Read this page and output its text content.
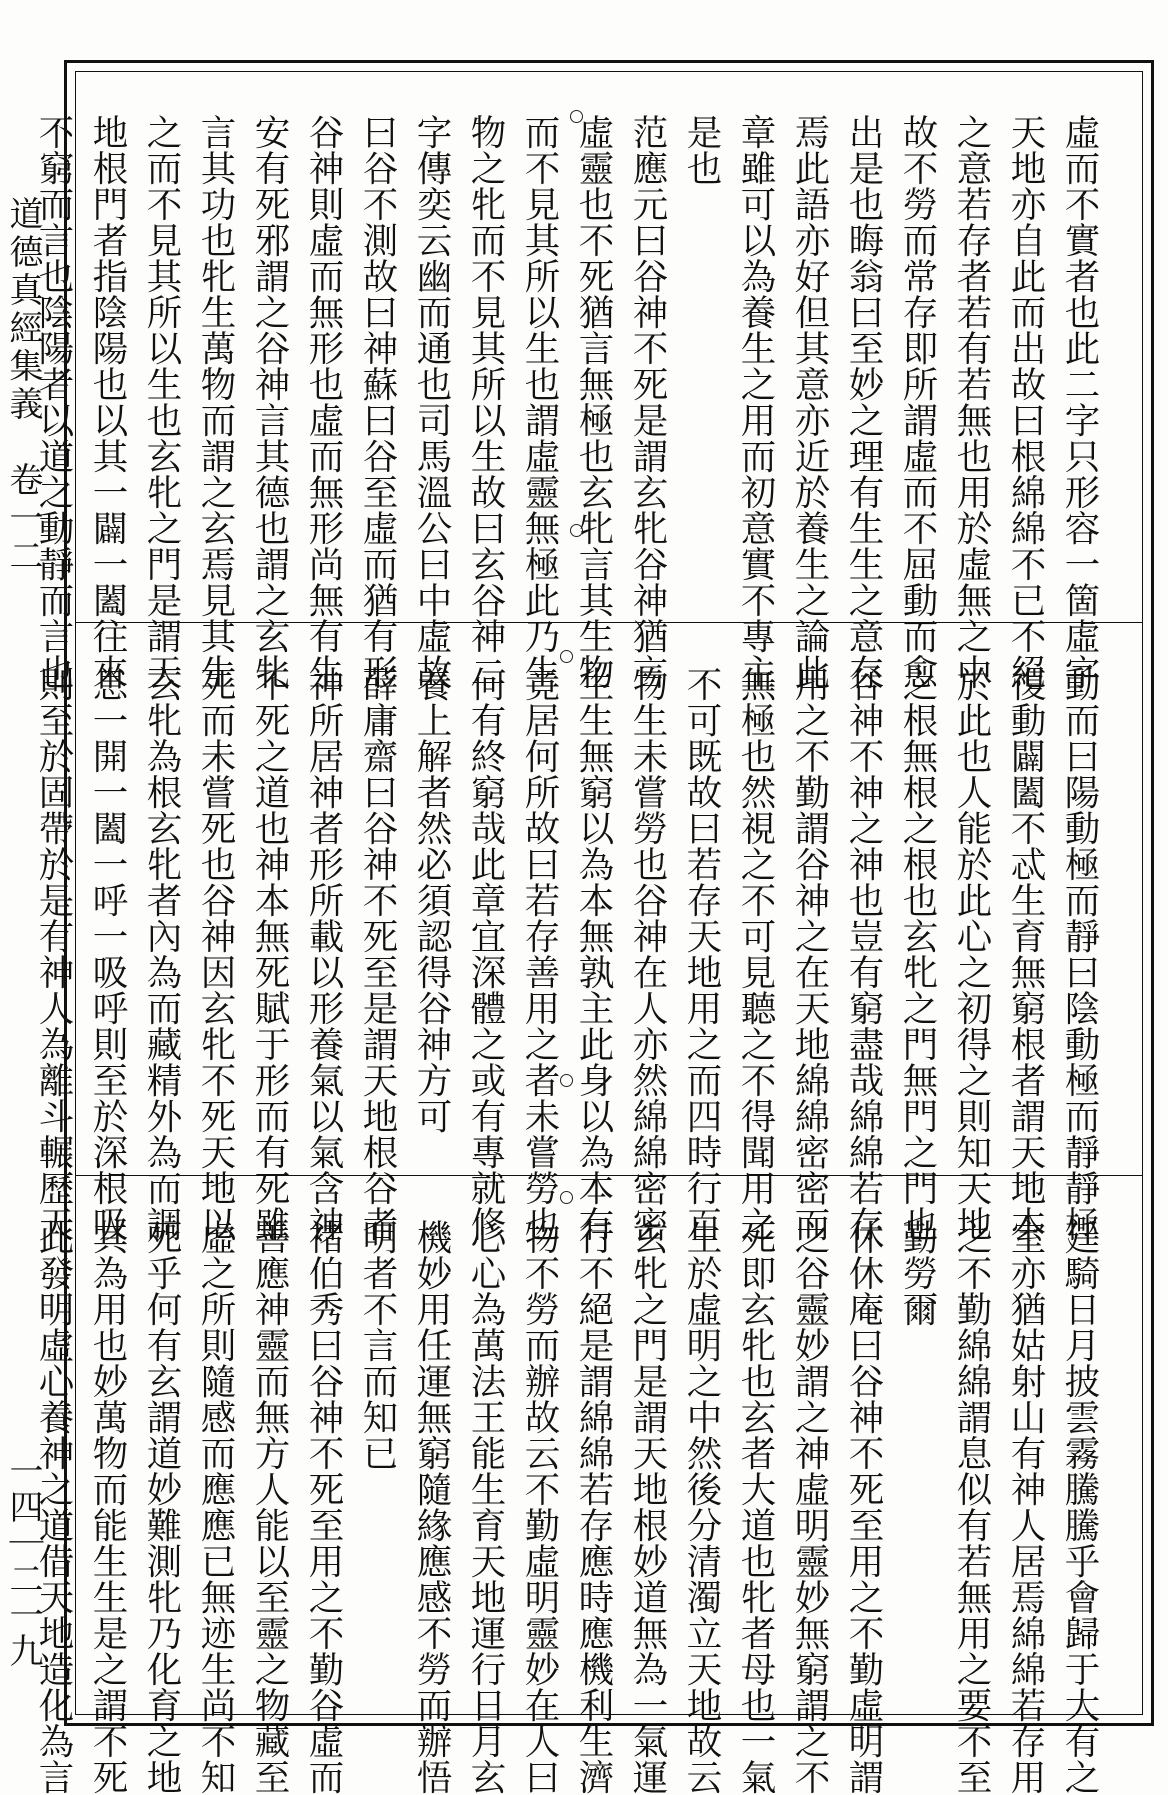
道德真經集義　卷一二
一四｜二一九
虛而不實者也此二字只形容一箇虛字
天地亦自此而出故曰根綿綿不已不絕
之意若存者若有若無也用於虛無之中
故不勞而常存即所謂虛而不屈動而愈
出是也晦翁曰至妙之理有生生之意存
焉此語亦好但其意亦近於養生之論此
章雖可以為養生之用而初意實不專主
是也
范應元曰谷神不死是謂玄牝谷神猶言
虛靈也不死猶言無極也玄牝言其生物
而不見其所以生也謂虛靈無極此乃生
物之牝而不見其所以生故曰玄谷神二
字傳奕云幽而通也司馬溫公曰中虛故
曰谷不測故曰神蘇曰谷至虛而猶有形
谷神則虛而無形也虛而無形尚無有生
安有死邪謂之谷神言其德也謂之玄牝
言其功也牝生萬物而謂之玄焉見其生
之而不見其所以生也玄牝之門是謂天
地根門者指陰陽也以其一闢一闔往來
不窮而言也陰陽者以道之動靜而言也
動而曰陽動極而靜曰陰動極而靜靜極
復動闢闔不忒生育無窮根者謂天地本
於此也人能於此心之初得之則知天地
之根無根之根也玄牝之門無門之門也
谷神不神之神也豈有窮盡哉綿綿若存
用之不勤謂谷神之在天地綿綿密密而
無極也然視之不可見聽之不得聞用之
不可既故曰若存天地用之而四時行百
物生未嘗勞也谷神在人亦然綿綿密密
生生無窮以為本無孰主此身以為本有
竟居何所故曰若存善用之者未嘗勞也
何有終窮哉此章宜深體之或有專就修
養上解者然必須認得谷神方可
薛庸齋曰谷神不死至是謂天地根谷者
神所居神者形所載以形養氣以氣含神
不死之道也神本無死賦于形而有死雖
死而未嘗死也谷神因玄牝不死天地以
玄牝為根玄牝者內為而藏精外為而調
息一開一闔一呼一吸呼則至於深根吸
則至於固帶於是有神人為離斗輾歷天
廷騎日月披雲霧騰騰乎會歸于大有之
室亦猶姑射山有神人居焉綿綿若存用
之不勤綿綿謂息似有若無用之要不至
勤勞爾
休休庵曰谷神不死至用之不勤虛明謂
之谷靈妙謂之神虛明靈妙無窮謂之不
死即玄牝也玄者大道也牝者母也一氣
生於虛明之中然後分清濁立天地故云
玄牝之門是謂天地根妙道無為一氣運
行不絕是謂綿綿若存應時應機利生濟
物不勞而辦故云不勤虛明靈妙在人曰
心心為萬法王能生育天地運行日月玄
機妙用任運無窮隨緣應感不勞而辦悟
明者不言而知已
褚伯秀曰谷神不死至用之不勤谷虛而
善應神靈而無方人能以至靈之物藏至
虛之所則隨感而應應已無迹生尚不知
死乎何有玄謂道妙難測牝乃化育之地
其為用也妙萬物而能生生是之謂不死
此發明虛心養神之道借天地造化為言
